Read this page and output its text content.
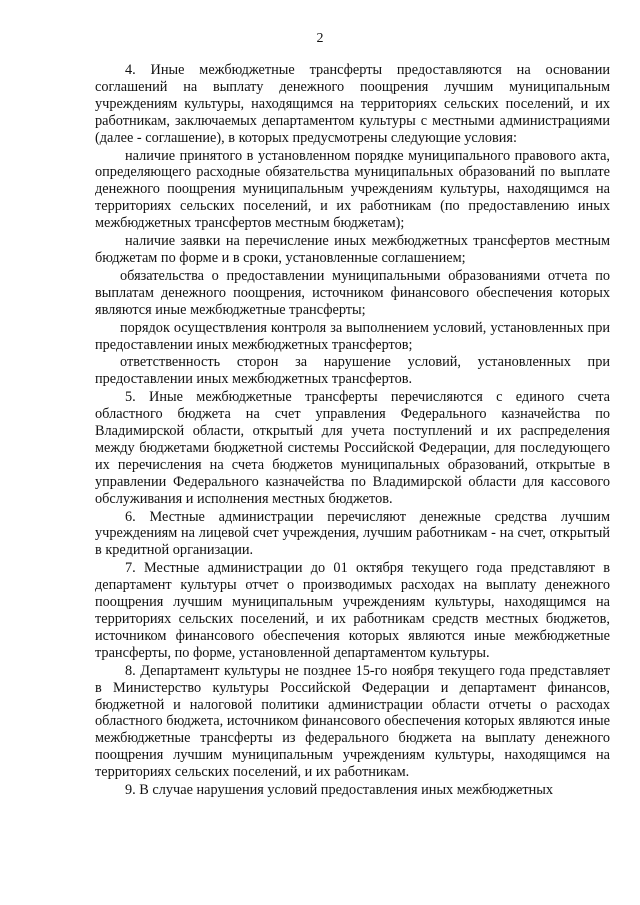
2

4. Иные межбюджетные трансферты предоставляются на основании соглашений на выплату денежного поощрения лучшим муниципальным учреждениям культуры, находящимся на территориях сельских поселений, и их работникам, заключаемых департаментом культуры с местными администрациями (далее - соглашение), в которых предусмотрены следующие условия:

наличие принятого в установленном порядке муниципального правового акта, определяющего расходные обязательства муниципальных образований по выплате денежного поощрения муниципальным учреждениям культуры, находящимся на территориях сельских поселений, и их работникам (по предоставлению иных межбюджетных трансфертов местным бюджетам);

наличие заявки на перечисление иных межбюджетных трансфертов местным бюджетам по форме и в сроки, установленные соглашением;

обязательства о предоставлении муниципальными образованиями отчета по выплатам денежного поощрения, источником финансового обеспечения которых являются иные межбюджетные трансферты;

порядок осуществления контроля за выполнением условий, установленных при предоставлении иных межбюджетных трансфертов;

ответственность сторон за нарушение условий, установленных при предоставлении иных межбюджетных трансфертов.

5. Иные межбюджетные трансферты перечисляются с единого счета областного бюджета на счет управления Федерального казначейства по Владимирской области, открытый для учета поступлений и их распределения между бюджетами бюджетной системы Российской Федерации, для последующего их перечисления на счета бюджетов муниципальных образований, открытые в управлении Федерального казначейства по Владимирской области для кассового обслуживания и исполнения местных бюджетов.

6. Местные администрации перечисляют денежные средства лучшим учреждениям на лицевой счет учреждения, лучшим работникам - на счет, открытый в кредитной организации.

7. Местные администрации до 01 октября текущего года представляют в департамент культуры отчет о производимых расходах на выплату денежного поощрения лучшим муниципальным учреждениям культуры, находящимся на территориях сельских поселений, и их работникам средств местных бюджетов, источником финансового обеспечения которых являются иные межбюджетные трансферты, по форме, установленной департаментом культуры.

8. Департамент культуры не позднее 15-го ноября текущего года представляет в Министерство культуры Российской Федерации и департамент финансов, бюджетной и налоговой политики администрации области отчеты о расходах областного бюджета, источником финансового обеспечения которых являются иные межбюджетные трансферты из федерального бюджета на выплату денежного поощрения лучшим муниципальным учреждениям культуры, находящимся на территориях сельских поселений, и их работникам.

9. В случае нарушения условий предоставления иных межбюджетных
